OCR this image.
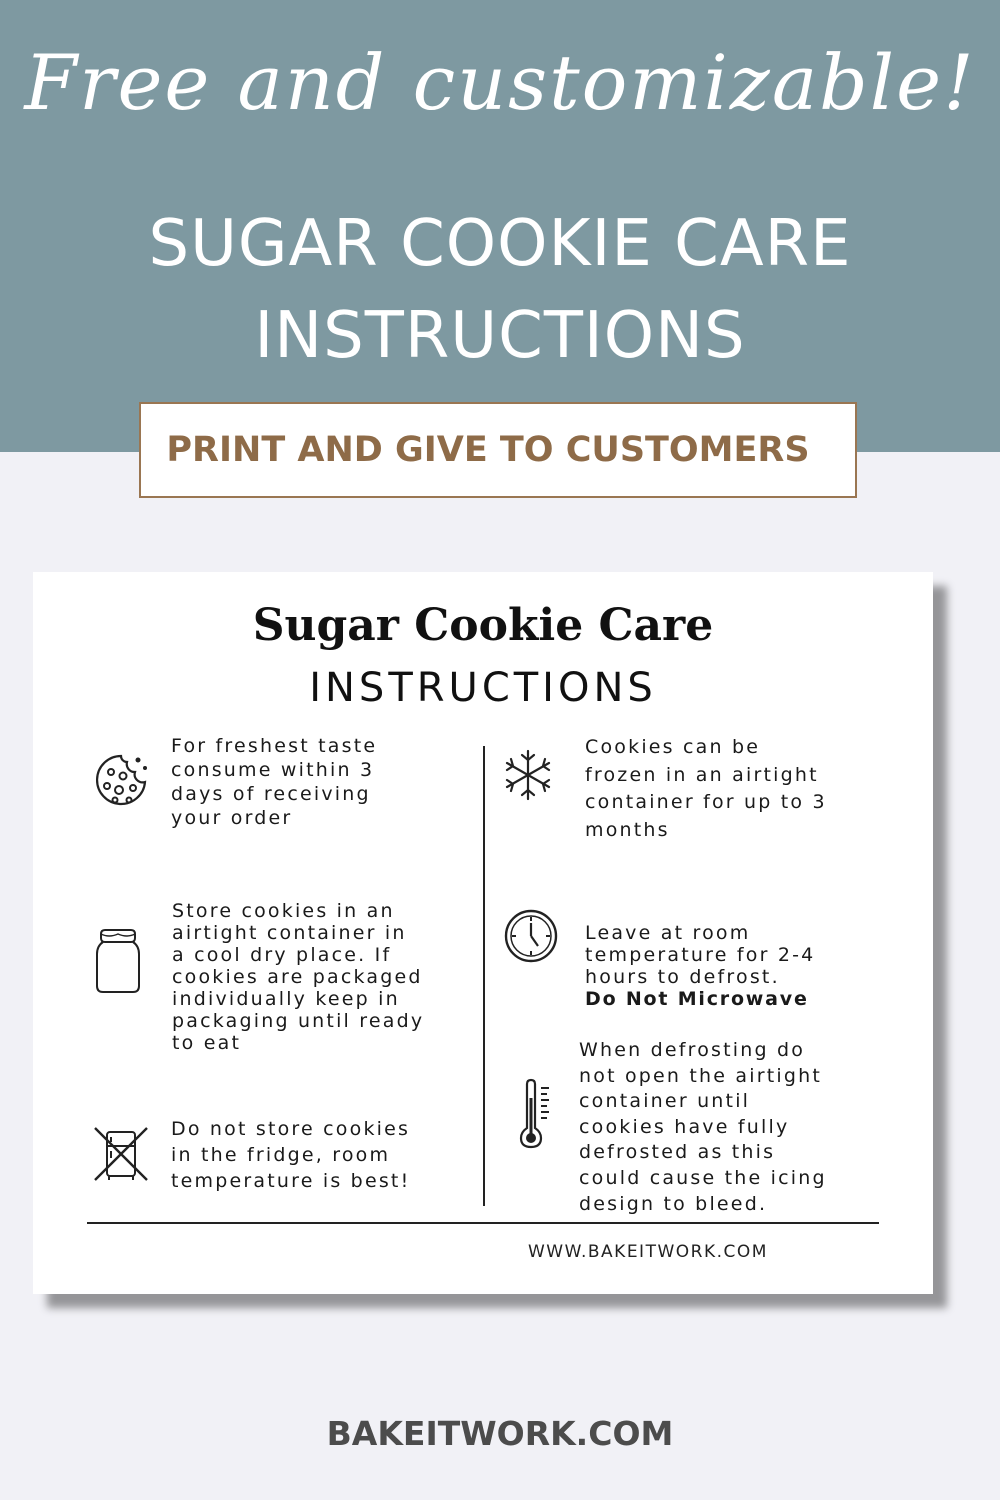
Free and customizable!
SUGAR COOKIE CARE
INSTRUCTIONS
PRINT AND GIVE TO CUSTOMERS
Sugar Cookie Care
INSTRUCTIONS
For freshest taste
consume within 3
days of receiving
your order
Store cookies in an
airtight container in
a cool dry place. If
cookies are packaged
individually keep in
packaging until ready
to eat
Do not store cookies
in the fridge, room
temperature is best!
Cookies can be
frozen in an airtight
container for up to 3
months

Leave at room
temperature for 2-4
hours to defrost.

Do Not Microwave

When defrosting do
not open the airtight
container until
cookies have fully
defrosted as this
could cause the icing
design to bleed.
WWW.BAKEITWORK.COM
BAKEITWORK.COM
